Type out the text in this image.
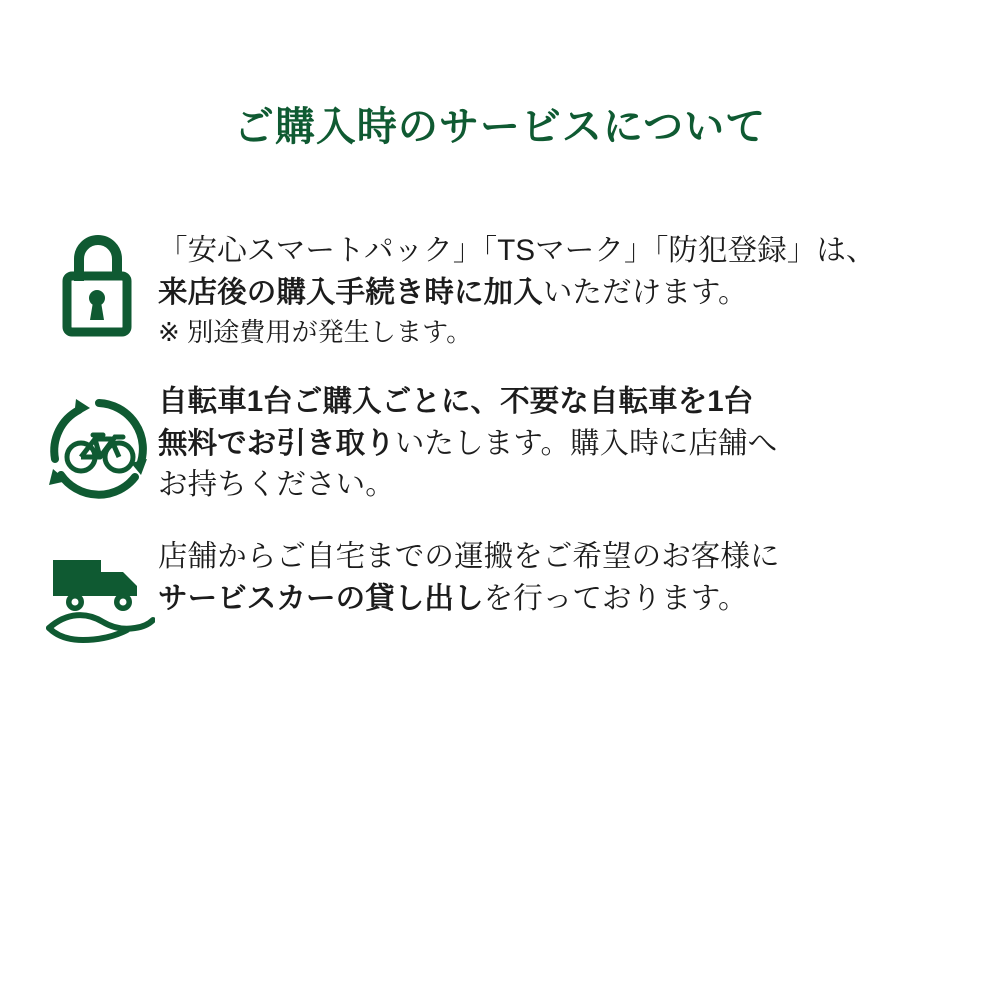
ご購入時のサービスについて
「安心スマートパック」「TSマーク」「防犯登録」は、
来店後の購入手続き時に加入いただけます。
※ 別途費用が発生します。
自転車1台ご購入ごとに、不要な自転車を1台
無料でお引き取りいたします。購入時に店舗へ
お持ちください。
店舗からご自宅までの運搬をご希望のお客様に
サービスカーの貸し出しを行っております。
